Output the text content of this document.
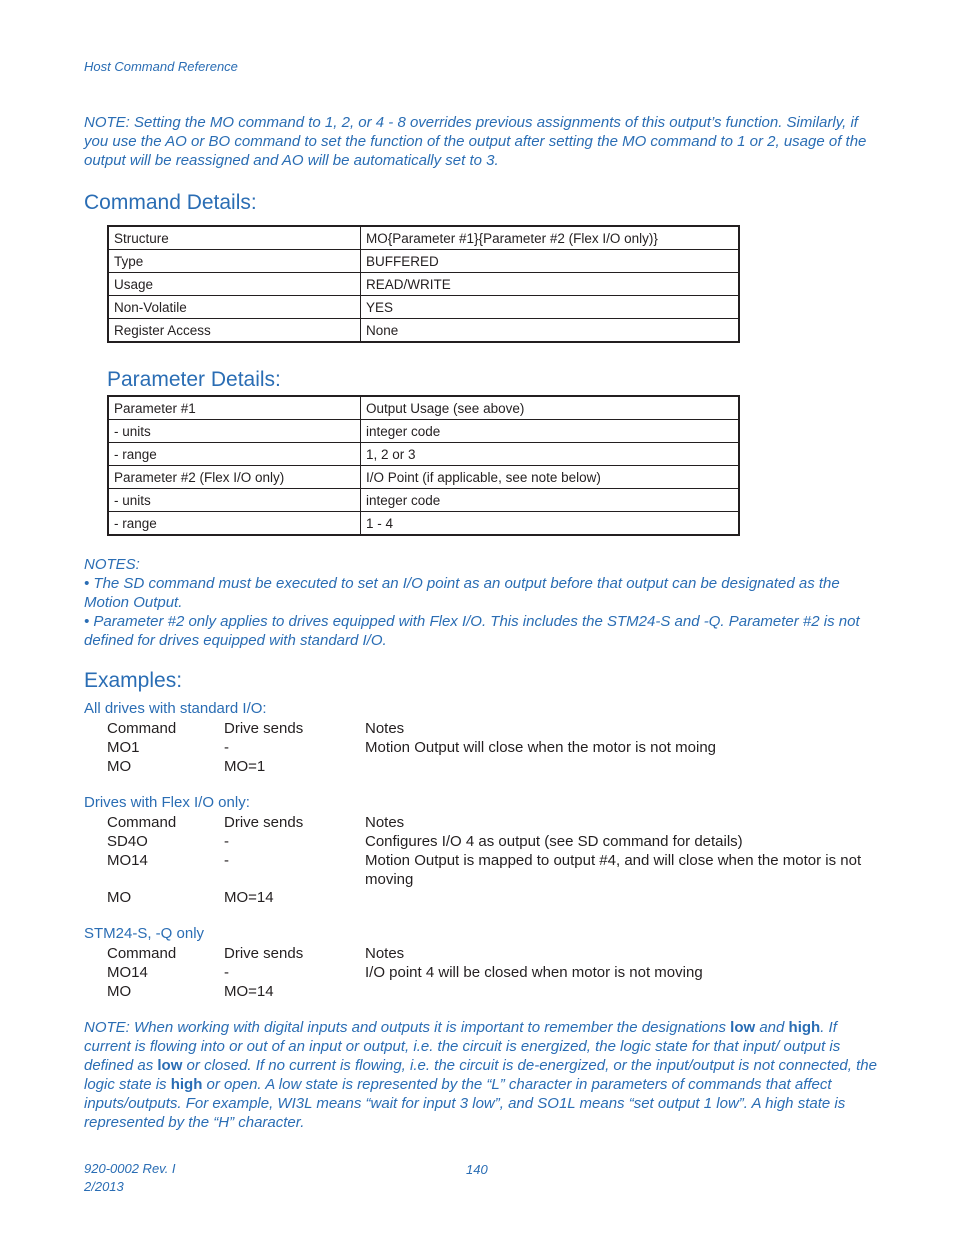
Host Command Reference
NOTE: Setting the MO command to 1, 2, or 4 - 8 overrides previous assignments of this output’s function. Similarly, if you use the AO or BO command to set the function of the output after setting the MO command to 1 or 2, usage of the output will be reassigned and AO will be automatically set to 3.
Command Details:
Structure	MO{Parameter #1}{Parameter #2 (Flex I/O only)}
Type	BUFFERED
Usage	READ/WRITE
Non-Volatile	YES
Register Access	None
Parameter Details:
Parameter #1	Output Usage (see above)
- units	integer code
- range	1, 2 or 3
Parameter #2 (Flex I/O only)	I/O Point (if applicable, see note below)
- units	integer code
- range	1 - 4
NOTES:
• The SD command must be executed to set an I/O point as an output before that output can be designated as the Motion Output.
• Parameter #2 only applies to drives equipped with Flex I/O. This includes the STM24-S and -Q. Parameter #2 is not defined for drives equipped with standard I/O.
Examples:
All drives with standard I/O:
Command	Drive sends	Notes
MO1	-	Motion Output will close when the motor is not moing
MO	MO=1
Drives with Flex I/O only:
Command	Drive sends	Notes
SD4O	-	Configures I/O 4 as output (see SD command for details)
MO14	-	Motion Output is mapped to output #4, and will close when the motor is not moving
MO	MO=14
STM24-S, -Q only
Command	Drive sends	Notes
MO14	-	I/O point 4 will be closed when motor is not moving
MO	MO=14
NOTE: When working with digital inputs and outputs it is important to remember the designations low and high. If current is flowing into or out of an input or output, i.e. the circuit is energized, the logic state for that input/ output is defined as low or closed. If no current is flowing, i.e. the circuit is de-energized, or the input/output is not connected, the logic state is high or open. A low state is represented by the “L” character in parameters of commands that affect inputs/outputs. For example, WI3L means “wait for input 3 low”, and SO1L means “set output 1 low”. A high state is represented by the “H” character.
920-0002 Rev. I
2/2013
140
